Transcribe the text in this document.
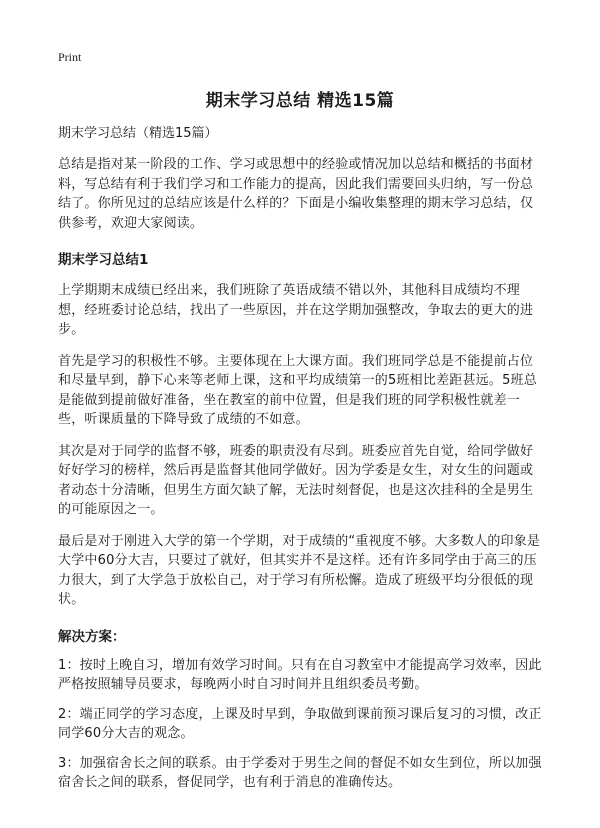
Print
期末学习总结 精选15篇
期末学习总结（精选15篇）
总结是指对某一阶段的工作、学习或思想中的经验或情况加以总结和概括的书面材料，写总结有利于我们学习和工作能力的提高，因此我们需要回头归纳，写一份总结了。你所见过的总结应该是什么样的？下面是小编收集整理的期末学习总结，仅供参考，欢迎大家阅读。
期末学习总结1
上学期期末成绩已经出来，我们班除了英语成绩不错以外，其他科目成绩均不理想，经班委讨论总结，找出了一些原因，并在这学期加强整改，争取去的更大的进步。
首先是学习的积极性不够。主要体现在上大课方面。我们班同学总是不能提前占位和尽量早到，静下心来等老师上课，这和平均成绩第一的5班相比差距甚远。5班总是能做到提前做好准备，坐在教室的前中位置，但是我们班的同学积极性就差一些，听课质量的下降导致了成绩的不如意。
其次是对于同学的监督不够，班委的职责没有尽到。班委应首先自觉，给同学做好好好学习的榜样，然后再是监督其他同学做好。因为学委是女生，对女生的问题或者动态十分清晰，但男生方面欠缺了解，无法时刻督促，也是这次挂科的全是男生的可能原因之一。
最后是对于刚进入大学的第一个学期，对于成绩的“重视度不够。大多数人的印象是大学中60分大吉，只要过了就好，但其实并不是这样。还有许多同学由于高三的压力很大，到了大学急于放松自己，对于学习有所松懈。造成了班级平均分很低的现状。
解决方案：
1：按时上晚自习，增加有效学习时间。只有在自习教室中才能提高学习效率，因此严格按照辅导员要求，每晚两小时自习时间并且组织委员考勤。
2：端正同学的学习态度，上课及时早到，争取做到课前预习课后复习的习惯，改正同学60分大吉的观念。
3：加强宿舍长之间的联系。由于学委对于男生之间的督促不如女生到位，所以加强宿舍长之间的联系，督促同学，也有利于消息的准确传达。
